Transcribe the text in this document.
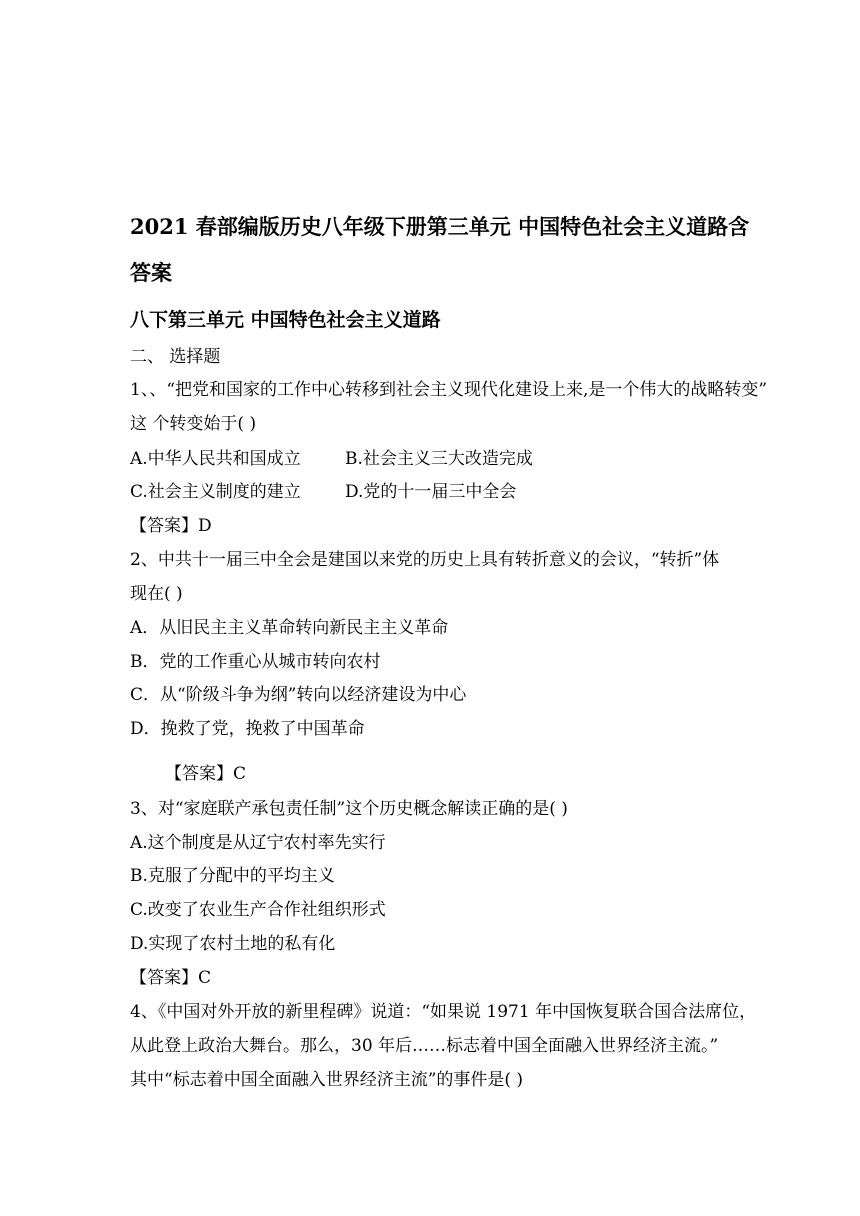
2021 春部编版历史八年级下册第三单元 中国特色社会主义道路含
答案
八下第三单元 中国特色社会主义道路
二、 选择题
1、、“把党和国家的工作中心转移到社会主义现代化建设上来,是一个伟大的战略转变”
这 个转变始于( )
A.中华人民共和国成立	B.社会主义三大改造完成
C.社会主义制度的建立	D.党的十一届三中全会
【答案】D
2、中共十一届三中全会是建国以来党的历史上具有转折意义的会议，“转折”体
现在( )
A．从旧民主主义革命转向新民主主义革命
B．党的工作重心从城市转向农村
C．从“阶级斗争为纲”转向以经济建设为中心
D．挽救了党，挽救了中国革命
【答案】C
3、对“家庭联产承包责任制”这个历史概念解读正确的是( )
A.这个制度是从辽宁农村率先实行
B.克服了分配中的平均主义
C.改变了农业生产合作社组织形式
D.实现了农村土地的私有化
【答案】C
4、《中国对外开放的新里程碑》说道：“如果说 1971 年中国恢复联合国合法席位，
从此登上政治大舞台。那么，30 年后……标志着中国全面融入世界经济主流。”
其中“标志着中国全面融入世界经济主流”的事件是( )
